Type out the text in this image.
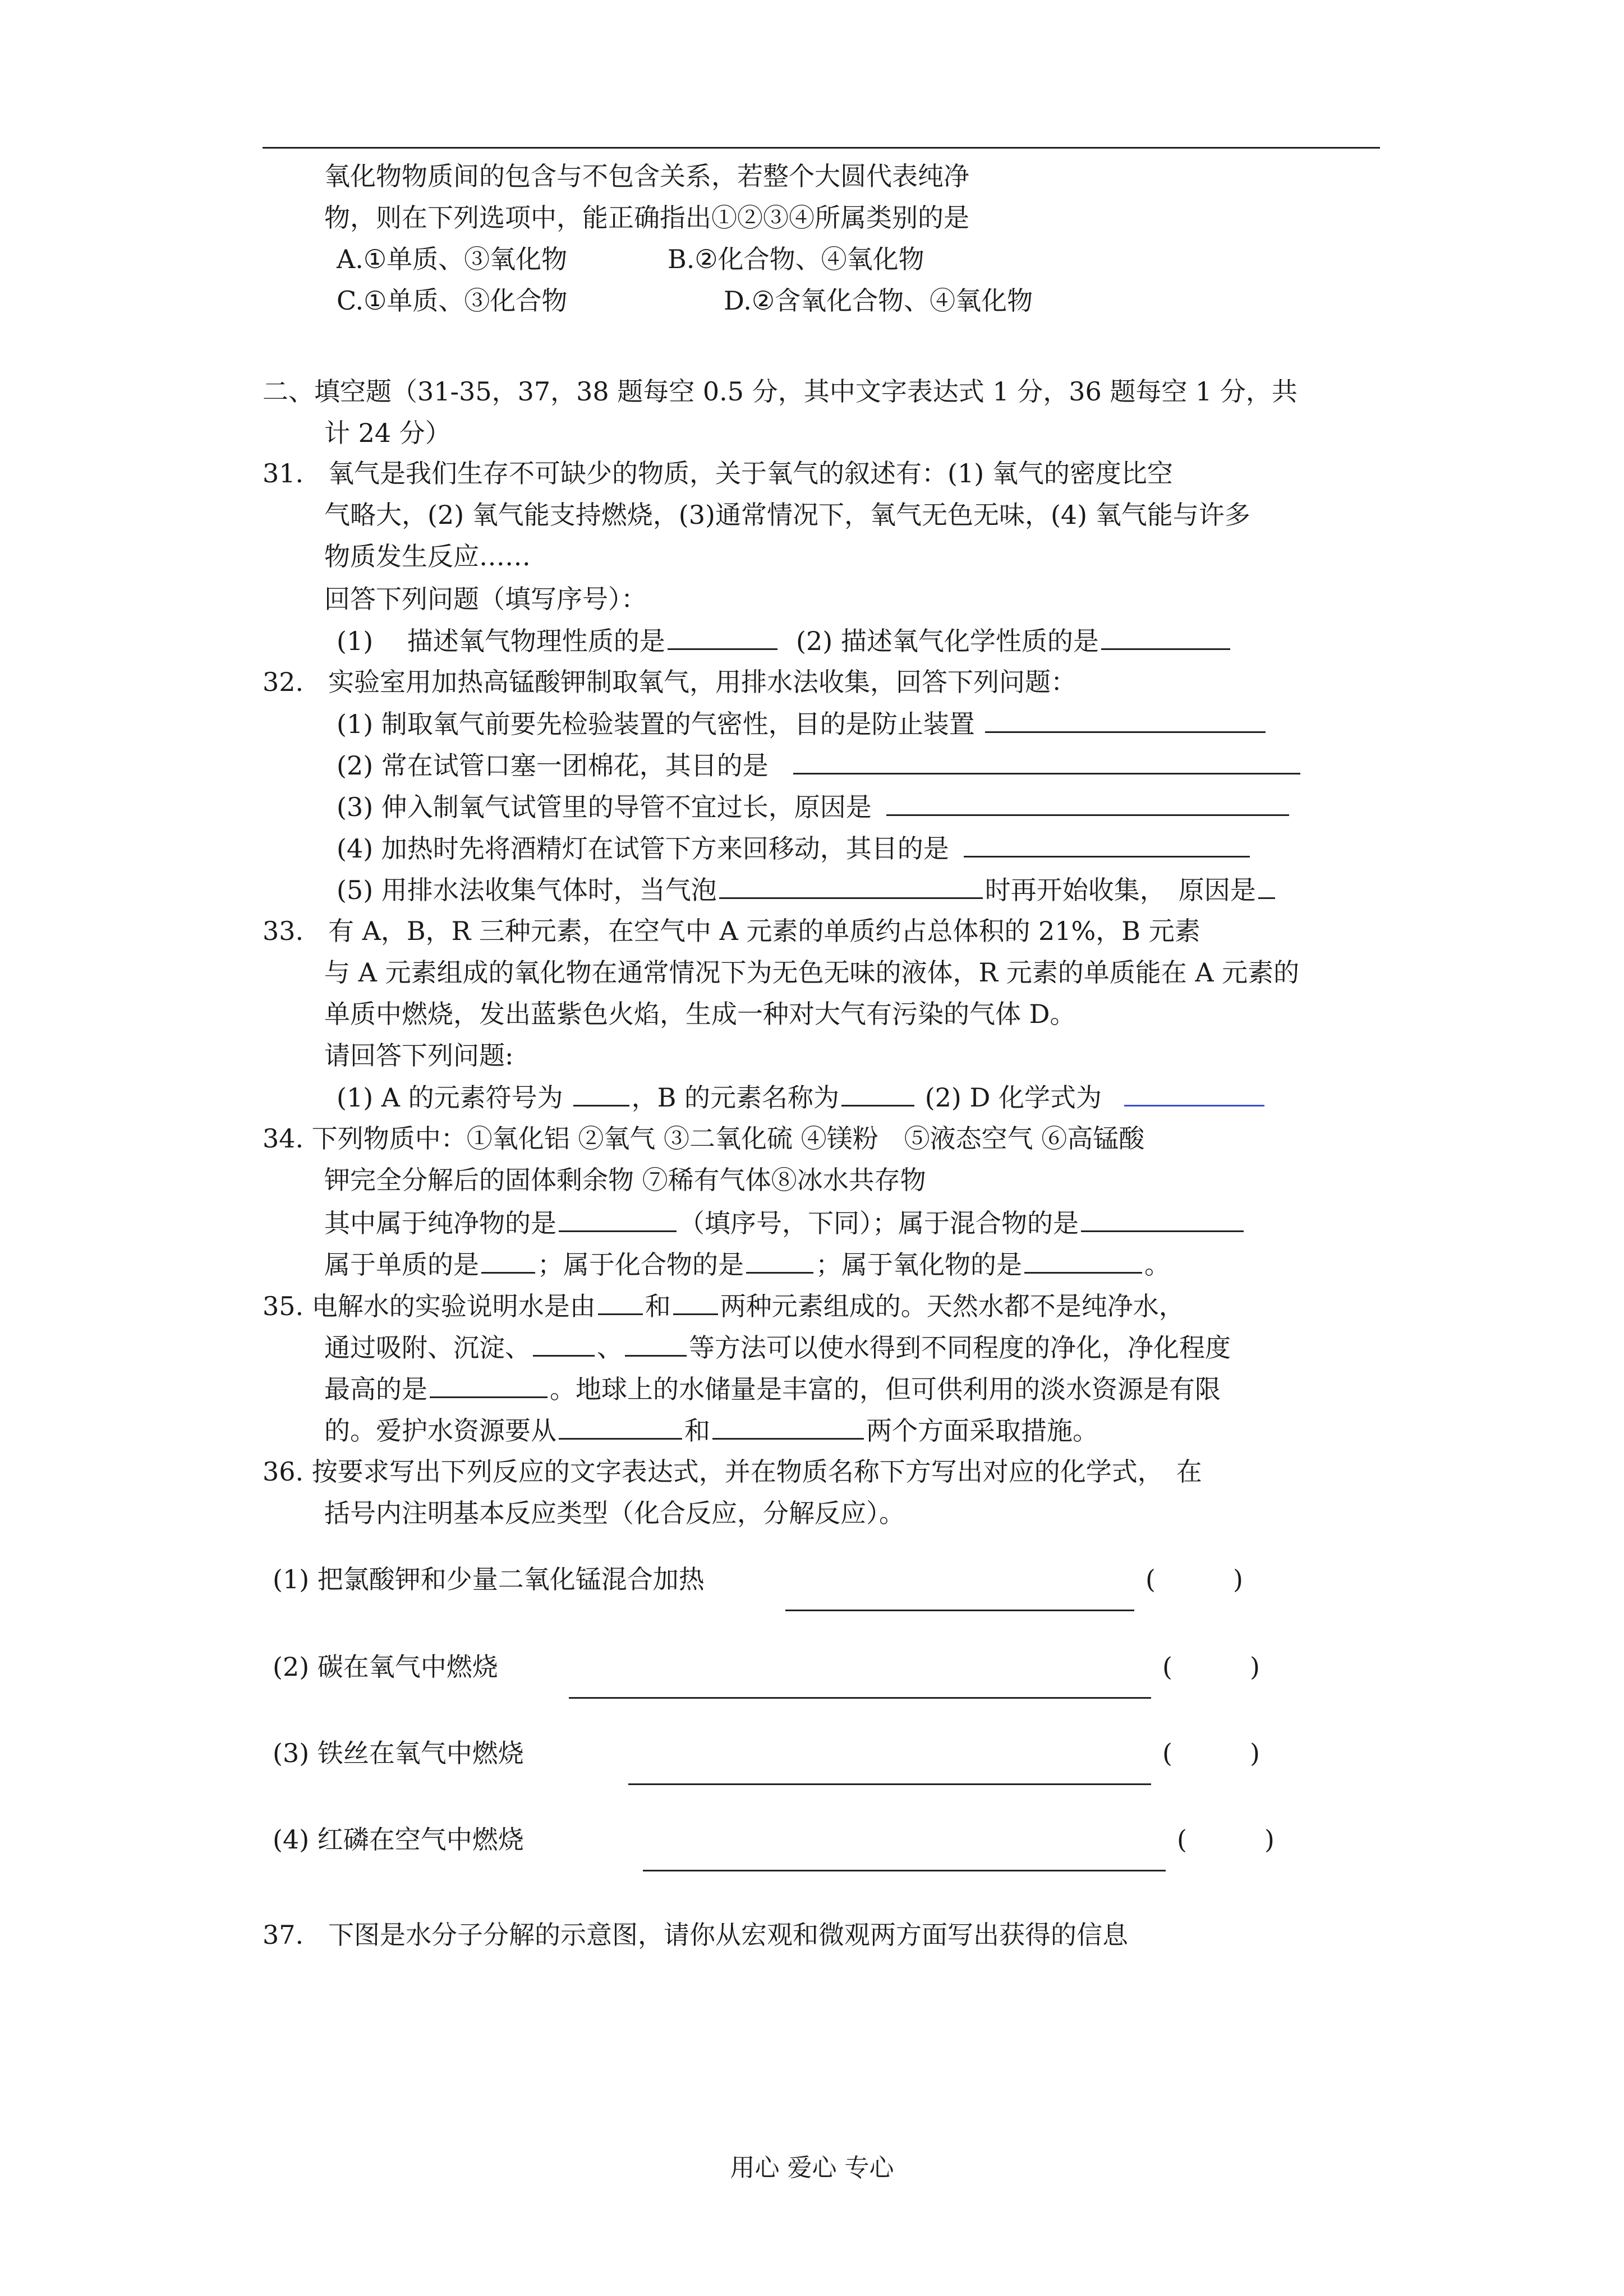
氧化物物质间的包含与不包含关系，若整个大圆代表纯净
物，则在下列选项中，能正确指出①②③④所属类别的是
A.①单质、③氧化物	B.②化合物、④氧化物
C.①单质、③化合物	D.②含氧化合物、④氧化物
二、填空题（31-35，37，38 题每空 0.5 分，其中文字表达式 1 分，36 题每空 1 分，共
计 24 分）
31. 氧气是我们生存不可缺少的物质，关于氧气的叙述有：(1) 氧气的密度比空
气略大，(2) 氧气能支持燃烧，(3)通常情况下，氧气无色无味，(4) 氧气能与许多
物质发生反应……
回答下列问题（填写序号）：
(1)　 描述氧气物理性质的是	(2) 描述氧气化学性质的是
32. 实验室用加热高锰酸钾制取氧气，用排水法收集，回答下列问题：
(1) 制取氧气前要先检验装置的气密性，目的是防止装置
(2) 常在试管口塞一团棉花，其目的是
(3) 伸入制氧气试管里的导管不宜过长，原因是
(4) 加热时先将酒精灯在试管下方来回移动，其目的是
(5) 用排水法收集气体时，当气泡	时再开始收集，　原因是
33. 有 A，B，R 三种元素，在空气中 A 元素的单质约占总体积的 21%，B 元素
与 A 元素组成的氧化物在通常情况下为无色无味的液体，R 元素的单质能在 A 元素的
单质中燃烧，发出蓝紫色火焰，生成一种对大气有污染的气体 D。
请回答下列问题:
(1) A 的元素符号为	，B 的元素名称为	(2) D 化学式为
34. 下列物质中：①氧化铝 ②氧气 ③二氧化硫 ④镁粉　⑤液态空气 ⑥高锰酸
钾完全分解后的固体剩余物 ⑦稀有气体⑧冰水共存物
其中属于纯净物的是	（填序号，下同）；属于混合物的是
属于单质的是 ；属于化合物的是	；属于氧化物的是	。
35. 电解水的实验说明水是由 和 两种元素组成的。天然水都不是纯净水，
通过吸附、沉淀、	、	等方法可以使水得到不同程度的净化，净化程度
最高的是	。地球上的水储量是丰富的，但可供利用的淡水资源是有限
的。爱护水资源要从	和	两个方面采取措施。
36. 按要求写出下列反应的文字表达式，并在物质名称下方写出对应的化学式，　在
括号内注明基本反应类型（化合反应，分解反应）。
(1) 把氯酸钾和少量二氧化锰混合加热	(　　　)
(2) 碳在氧气中燃烧	(　　　)
(3) 铁丝在氧气中燃烧	(　　　)
(4) 红磷在空气中燃烧	(　　　)
37. 下图是水分子分解的示意图，请你从宏观和微观两方面写出获得的信息
用心 爱心 专心
